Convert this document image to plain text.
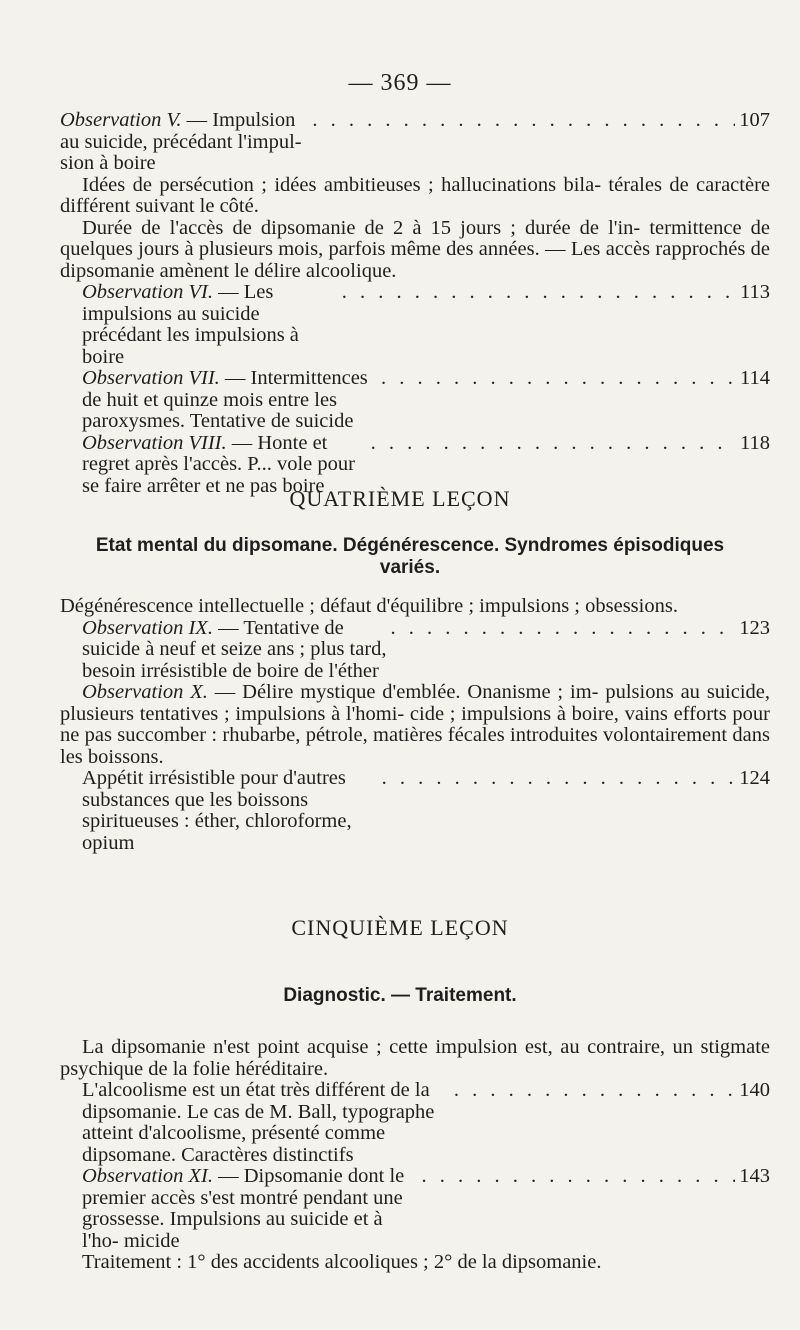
— 369 —

Observation V. — Impulsion au suicide, précédant l'impul- sion à boire
. . .
107

Idées de persécution ; idées ambitieuses ; hallucinations bila- térales de caractère différent suivant le côté.

Durée de l'accès de dipsomanie de 2 à 15 jours ; durée de l'in- termittence de quelques jours à plusieurs mois, parfois même des années. — Les accès rapprochés de dipsomanie amènent le délire alcoolique.

Observation VI. — Les impulsions au suicide précédant les impulsions à boire
. . .
113

Observation VII. — Intermittences de huit et quinze mois entre les paroxysmes. Tentative de suicide
. . .
114

Observation VIII. — Honte et regret après l'accès. P... vole pour se faire arrêter et ne pas boire
. . .
118

QUATRIÈME LEÇON
Etat mental du dipsomane. Dégénérescence. Syndromes épisodiques variés.

Dégénérescence intellectuelle ; défaut d'équilibre ; impulsions ; obsessions.

Observation IX. — Tentative de suicide à neuf et seize ans ; plus tard, besoin irrésistible de boire de l'éther
. . .
123

Observation X. — Délire mystique d'emblée. Onanisme ; im- pulsions au suicide, plusieurs tentatives ; impulsions à l'homi- cide ; impulsions à boire, vains efforts pour ne pas succomber : rhubarbe, pétrole, matières fécales introduites volontairement dans les boissons.

Appétit irrésistible pour d'autres substances que les boissons spiritueuses : éther, chloroforme, opium
. . .
124

CINQUIÈME LEÇON
Diagnostic. — Traitement.

La dipsomanie n'est point acquise ; cette impulsion est, au contraire, un stigmate psychique de la folie héréditaire.

L'alcoolisme est un état très différent de la dipsomanie. Le cas de M. Ball, typographe atteint d'alcoolisme, présenté comme dipsomane. Caractères distinctifs
. . .
140

Observation XI. — Dipsomanie dont le premier accès s'est montré pendant une grossesse. Impulsions au suicide et à l'ho- micide
. . .
143

Traitement : 1° des accidents alcooliques ; 2° de la dipsomanie.
